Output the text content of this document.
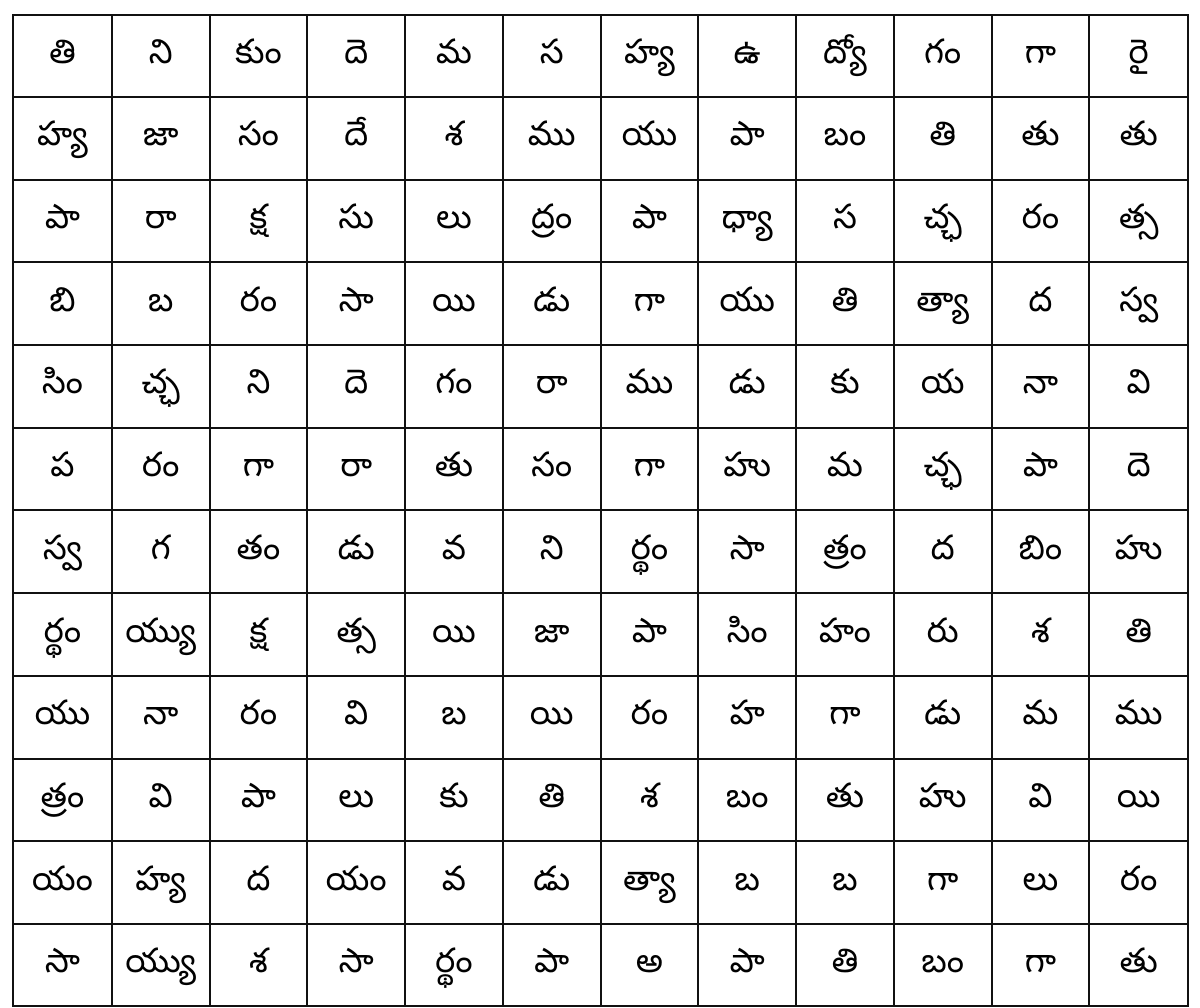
తి	ని	కుం	దె	మ	స	హ్య	ఉ	ద్యో	గం	గా	రై
హ్య	జా	సం	దే	శ	ము	యు	పా	బం	తి	తు	తు
పా	రా	క్ష	సు	లు	ద్రం	పా	ధ్యా	స	చ్ఛ	రం	త్స
బి	బ	రం	సా	యి	డు	గా	యు	తి	త్యా	ద	స్వ
సిం	చ్ఛ	ని	దె	గం	రా	ము	డు	కు	య	నా	వి
ప	రం	గా	రా	తు	సం	గా	హు	మ	చ్ఛ	పా	దె
స్వ	గ	తం	డు	వ	ని	ర్థం	సా	త్రం	ద	బిం	హు
ర్థం	య్యు	క్ష	త్స	యి	జా	పా	సిం	హం	రు	శ	తి
యు	నా	రం	వి	బ	యి	రం	హ	గా	డు	మ	ము
త్రం	వి	పా	లు	కు	తి	శ	బం	తు	హు	వి	యి
యం	హ్య	ద	యం	వ	డు	త్యా	బ	బ	గా	లు	రం
సా	య్యు	శ	సా	ర్థం	పా	అ	పా	తి	బం	గా	తు
